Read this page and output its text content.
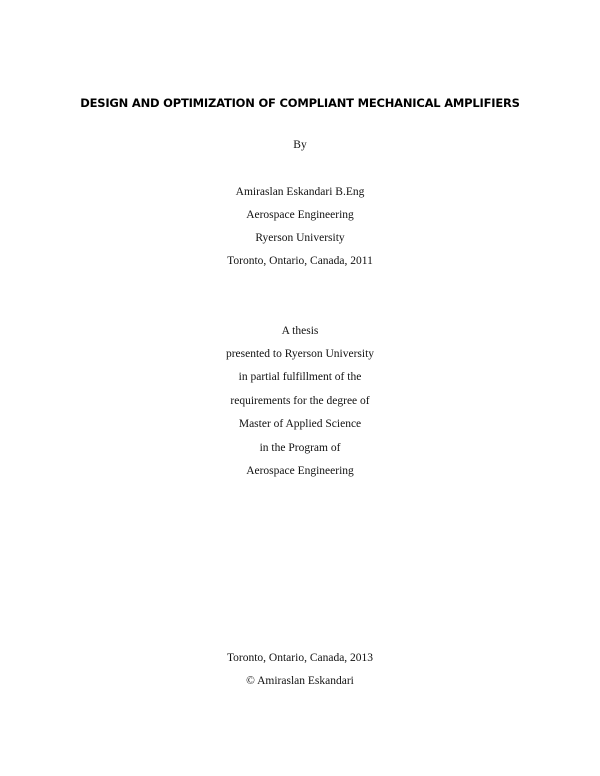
DESIGN AND OPTIMIZATION OF COMPLIANT MECHANICAL AMPLIFIERS
By
Amiraslan Eskandari B.Eng
Aerospace Engineering
Ryerson University
Toronto, Ontario, Canada, 2011
A thesis
presented to Ryerson University
in partial fulfillment of the
requirements for the degree of
Master of Applied Science
in the Program of
Aerospace Engineering
Toronto, Ontario, Canada, 2013
© Amiraslan Eskandari
